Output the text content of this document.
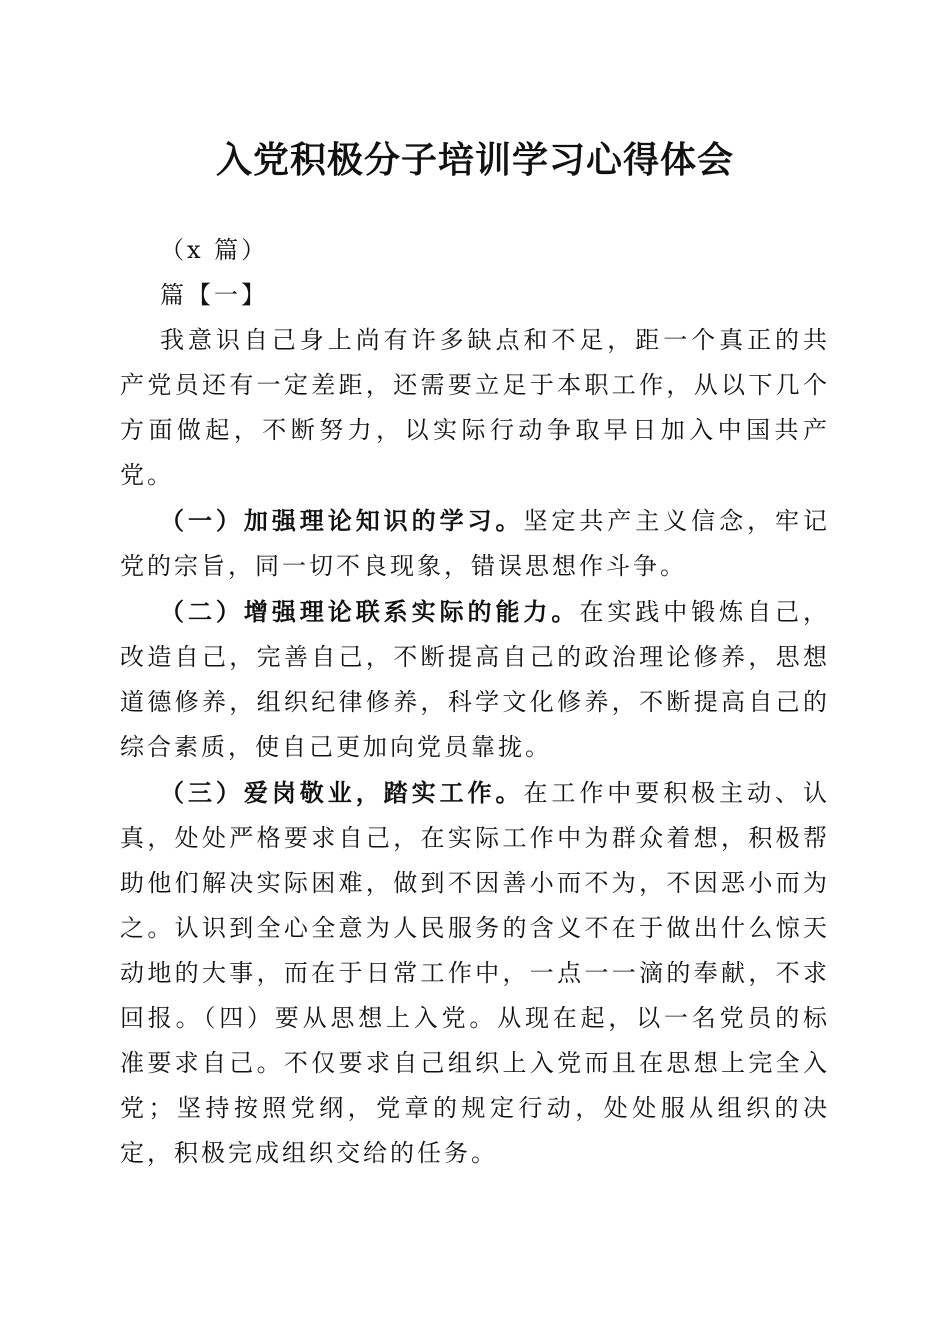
入党积极分子培训学习心得体会

（x 篇）

篇【一】

我意识自己身上尚有许多缺点和不足，距一个真正的共产党员还有一定差距，还需要立足于本职工作，从以下几个方面做起，不断努力，以实际行动争取早日加入中国共产党。

（一）加强理论知识的学习。坚定共产主义信念，牢记党的宗旨，同一切不良现象，错误思想作斗争。

（二）增强理论联系实际的能力。在实践中锻炼自己，改造自己，完善自己，不断提高自己的政治理论修养，思想道德修养，组织纪律修养，科学文化修养，不断提高自己的综合素质，使自己更加向党员靠拢。

（三）爱岗敬业，踏实工作。在工作中要积极主动、认真，处处严格要求自己，在实际工作中为群众着想，积极帮助他们解决实际困难，做到不因善小而不为，不因恶小而为之。认识到全心全意为人民服务的含义不在于做出什么惊天动地的大事，而在于日常工作中，一点一一滴的奉献，不求回报。（四）要从思想上入党。从现在起，以一名党员的标准要求自己。不仅要求自己组织上入党而且在思想上完全入党；坚持按照党纲，党章的规定行动，处处服从组织的决定，积极完成组织交给的任务。
